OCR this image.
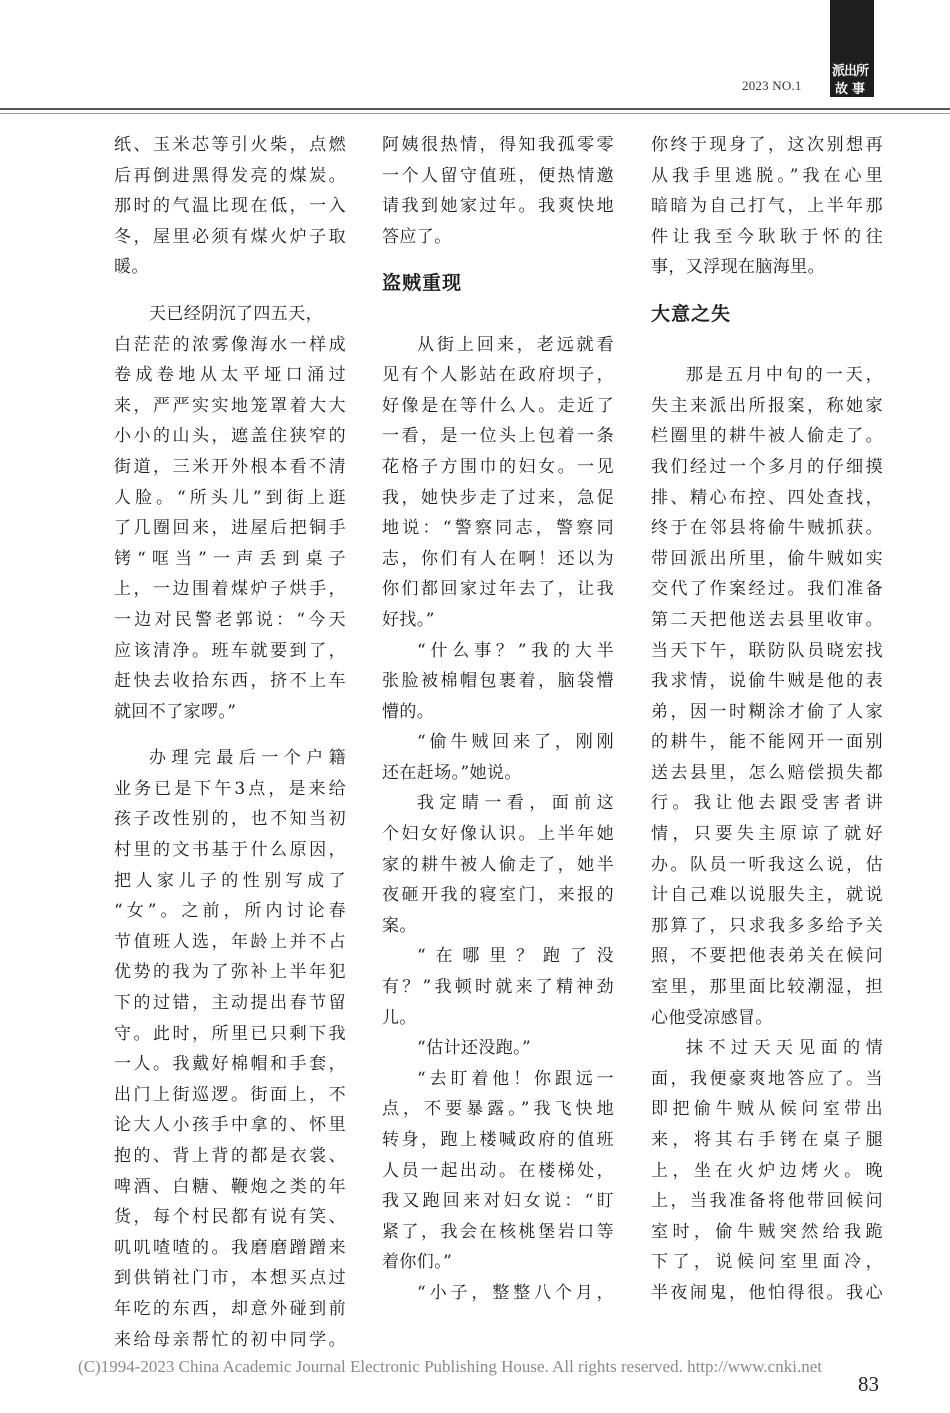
2023 NO.1
派出所
故事
纸、玉米芯等引火柴，点燃
后再倒进黑得发亮的煤炭。
那时的气温比现在低，一入
冬，屋里必须有煤火炉子取
暖。
天已经阴沉了四五天，
白茫茫的浓雾像海水一样成
卷成卷地从太平垭口涌过
来，严严实实地笼罩着大大
小小的山头，遮盖住狭窄的
街道，三米开外根本看不清
人脸。“所头儿”到街上逛
了几圈回来，进屋后把铜手
铐“哐当”一声丢到桌子
上，一边围着煤炉子烘手，
一边对民警老郭说：“今天
应该清净。班车就要到了，
赶快去收拾东西，挤不上车
就回不了家啰。”
办理完最后一个户籍
业务已是下午3点，是来给
孩子改性别的，也不知当初
村里的文书基于什么原因，
把人家儿子的性别写成了
“女”。之前，所内讨论春
节值班人选，年龄上并不占
优势的我为了弥补上半年犯
下的过错，主动提出春节留
守。此时，所里已只剩下我
一人。我戴好棉帽和手套，
出门上街巡逻。街面上，不
论大人小孩手中拿的、怀里
抱的、背上背的都是衣裳、
啤酒、白糖、鞭炮之类的年
货，每个村民都有说有笑、
叽叽喳喳的。我磨磨蹭蹭来
到供销社门市，本想买点过
年吃的东西，却意外碰到前
来给母亲帮忙的初中同学。
阿姨很热情，得知我孤零零
一个人留守值班，便热情邀
请我到她家过年。我爽快地
答应了。
盗贼重现
从街上回来，老远就看
见有个人影站在政府坝子，
好像是在等什么人。走近了
一看，是一位头上包着一条
花格子方围巾的妇女。一见
我，她快步走了过来，急促
地说：“警察同志，警察同
志，你们有人在啊！还以为
你们都回家过年去了，让我
好找。”
“什么事？”我的大半
张脸被棉帽包裹着，脑袋懵
懵的。
“偷牛贼回来了，刚刚
还在赶场。”她说。
我定睛一看，面前这
个妇女好像认识。上半年她
家的耕牛被人偷走了，她半
夜砸开我的寝室门，来报的
案。
“在哪里？跑了没
有？”我顿时就来了精神劲
儿。
“估计还没跑。”
“去盯着他！你跟远一
点，不要暴露。”我飞快地
转身，跑上楼喊政府的值班
人员一起出动。在楼梯处，
我又跑回来对妇女说：“盯
紧了，我会在核桃堡岩口等
着你们。”
“小子，整整八个月，
你终于现身了，这次别想再
从我手里逃脱。”我在心里
暗暗为自己打气，上半年那
件让我至今耿耿于怀的往
事，又浮现在脑海里。
大意之失
那是五月中旬的一天，
失主来派出所报案，称她家
栏圈里的耕牛被人偷走了。
我们经过一个多月的仔细摸
排、精心布控、四处查找，
终于在邻县将偷牛贼抓获。
带回派出所里，偷牛贼如实
交代了作案经过。我们准备
第二天把他送去县里收审。
当天下午，联防队员晓宏找
我求情，说偷牛贼是他的表
弟，因一时糊涂才偷了人家
的耕牛，能不能网开一面别
送去县里，怎么赔偿损失都
行。我让他去跟受害者讲
情，只要失主原谅了就好
办。队员一听我这么说，估
计自己难以说服失主，就说
那算了，只求我多多给予关
照，不要把他表弟关在候问
室里，那里面比较潮湿，担
心他受凉感冒。
抹不过天天见面的情
面，我便豪爽地答应了。当
即把偷牛贼从候问室带出
来，将其右手铐在桌子腿
上，坐在火炉边烤火。晚
上，当我准备将他带回候问
室时，偷牛贼突然给我跪
下了，说候问室里面冷，
半夜闹鬼，他怕得很。我心
(C)1994-2023 China Academic Journal Electronic Publishing House. All rights reserved. http://www.cnki.net
83
